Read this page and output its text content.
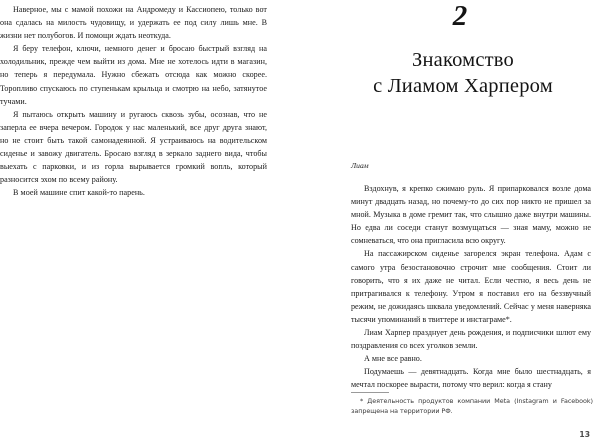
Наверное, мы с мамой похожи на Андромеду и Кассиопею, только вот она сдалась на милость чудовищу, и удержать ее под силу лишь мне. В жизни нет полубогов. И помощи ждать неоткуда.

Я беру телефон, ключи, немного денег и бросаю быстрый взгляд на холодильник, прежде чем выйти из дома. Мне не хотелось идти в магазин, но теперь я передумала. Нужно сбежать отсюда как можно скорее. Торопливо спускаюсь по ступенькам крыльца и смотрю на небо, затянутое тучами.

Я пытаюсь открыть машину и ругаюсь сквозь зубы, осознав, что не заперла ее вчера вечером. Городок у нас маленький, все друг друга знают, но не стоит быть такой самонадеянной. Я устраиваюсь на водительском сиденье и завожу двигатель. Бросаю взгляд в зеркало заднего вида, чтобы выехать с парковки, и из горла вырывается громкий вопль, который разносится эхом по всему району.

В моей машине спит какой-то парень.

2
Знакомство
с Лиамом Харпером
Лиам

Вздохнув, я крепко сжимаю руль. Я припарковался возле дома минут двадцать назад, но почему-то до сих пор никто не пришел за мной. Музыка в доме гремит так, что слышно даже внутри машины. Но едва ли соседи станут возмущаться — зная маму, можно не сомневаться, что она пригласила всю округу.

На пассажирском сиденье загорелся экран телефона. Адам с самого утра безостановочно строчит мне сообщения. Стоит ли говорить, что я их даже не читал. Если честно, я весь день не притрагивался к телефону. Утром я поставил его на беззвучный режим, не дожидаясь шквала уведомлений. Сейчас у меня наверняка тысячи упоминаний в твиттере и инстаграме*.

Лиам Харпер празднует день рождения, и подписчики шлют ему поздравления со всех уголков земли.

А мне все равно.

Подумаешь — девятнадцать. Когда мне было шестнадцать, я мечтал поскорее вырасти, потому что верил: когда я стану

* Деятельность продуктов компании Meta (Instagram и Facebook) запрещена на территории РФ.

13
